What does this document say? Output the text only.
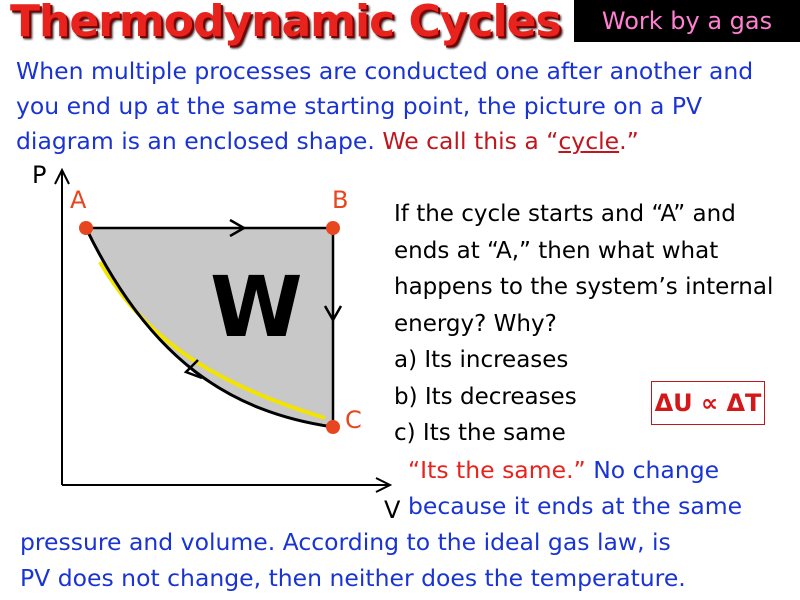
Thermodynamic Cycles	Work by a gas
When multiple processes are conducted one after another and you end up at the same starting point, the picture on a PV diagram is an enclosed shape. We call this a “cycle.”
W
P
V
A	B
C

If the cycle starts and “A” and ends at “A,” then what what happens to the system’s internal energy? Why?

a) Its increases

b) Its decreases

c) Its the same

ΔU ∝ ΔT
“Its the same.” No change
because it ends at the same
pressure and volume. According to the ideal gas law, is
PV does not change, then neither does the temperature.
